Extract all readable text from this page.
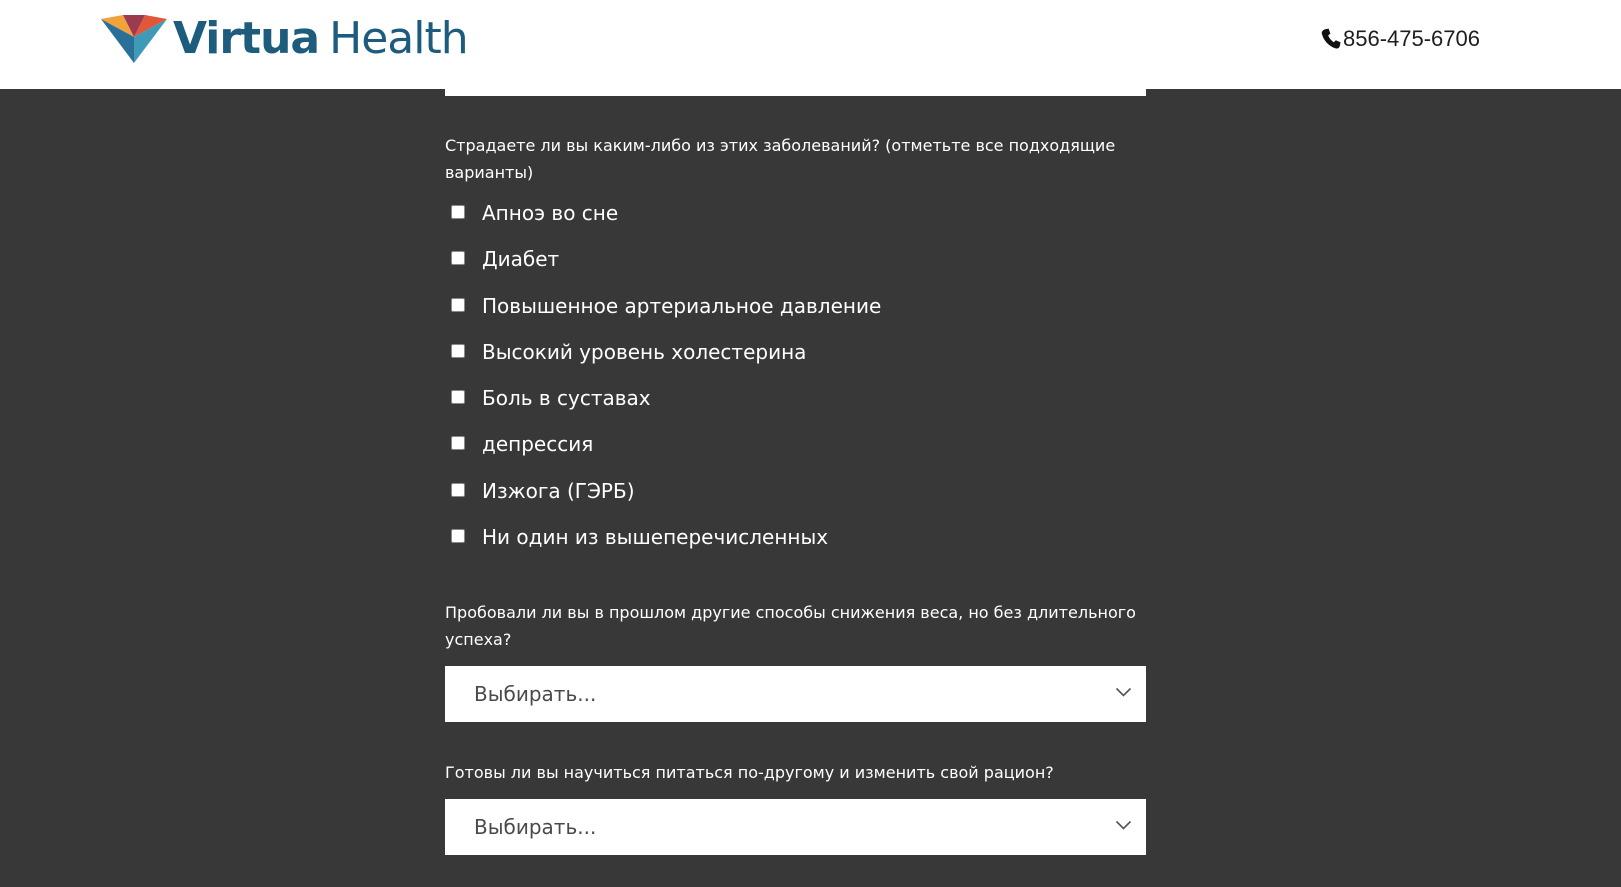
Virtua Health	856-475-6706

Страдаете ли вы каким-либо из этих заболеваний? (отметьте все подходящие варианты)

Апноэ во сне
Диабет
Повышенное артериальное давление
Высокий уровень холестерина
Боль в суставах
депрессия
Изжога (ГЭРБ)
Ни один из вышеперечисленных

Пробовали ли вы в прошлом другие способы снижения веса, но без длительного успеха?

Выбирать...

Готовы ли вы научиться питаться по-другому и изменить свой рацион?

Выбирать...
